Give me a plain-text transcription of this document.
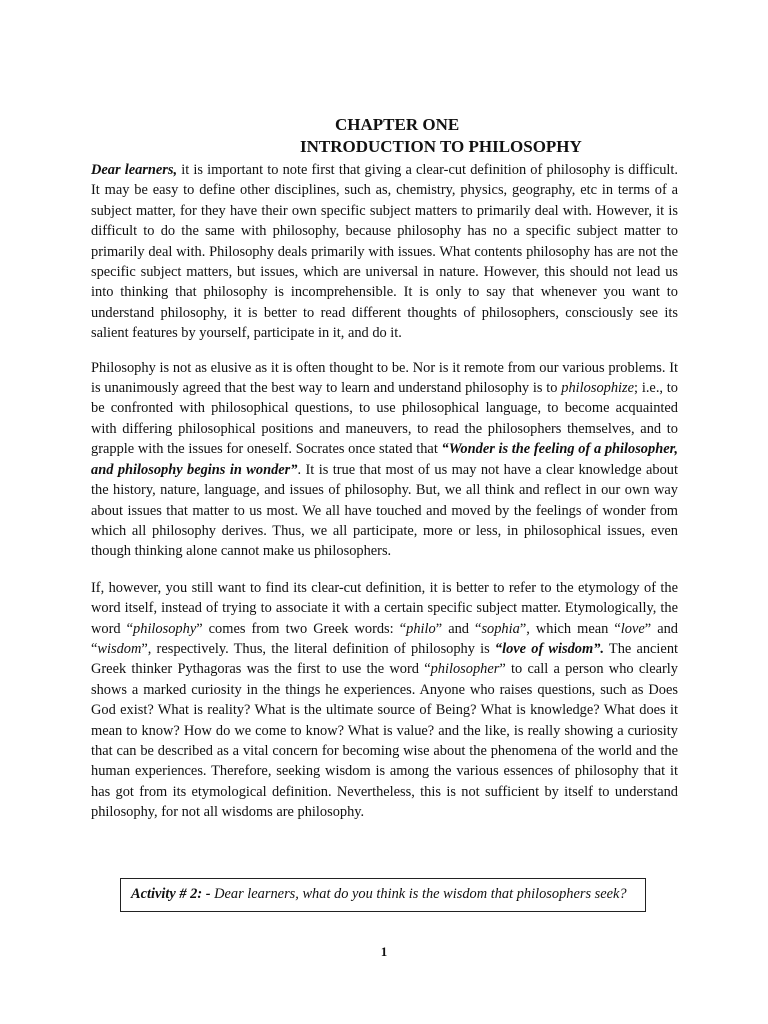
CHAPTER ONE
INTRODUCTION TO PHILOSOPHY

Dear learners, it is important to note first that giving a clear-cut definition of philosophy is difficult. It may be easy to define other disciplines, such as, chemistry, physics, geography, etc in terms of a subject matter, for they have their own specific subject matters to primarily deal with. However, it is difficult to do the same with philosophy, because philosophy has no a specific subject matter to primarily deal with. Philosophy deals primarily with issues. What contents philosophy has are not the specific subject matters, but issues, which are universal in nature. However, this should not lead us into thinking that philosophy is incomprehensible. It is only to say that whenever you want to understand philosophy, it is better to read different thoughts of philosophers, consciously see its salient features by yourself, participate in it, and do it.

Philosophy is not as elusive as it is often thought to be. Nor is it remote from our various problems. It is unanimously agreed that the best way to learn and understand philosophy is to philosophize; i.e., to be confronted with philosophical questions, to use philosophical language, to become acquainted with differing philosophical positions and maneuvers, to read the philosophers themselves, and to grapple with the issues for oneself. Socrates once stated that “Wonder is the feeling of a philosopher, and philosophy begins in wonder”. It is true that most of us may not have a clear knowledge about the history, nature, language, and issues of philosophy. But, we all think and reflect in our own way about issues that matter to us most. We all have touched and moved by the feelings of wonder from which all philosophy derives. Thus, we all participate, more or less, in philosophical issues, even though thinking alone cannot make us philosophers.

If, however, you still want to find its clear-cut definition, it is better to refer to the etymology of the word itself, instead of trying to associate it with a certain specific subject matter. Etymologically, the word “philosophy” comes from two Greek words: “philo” and “sophia”, which mean “love” and “wisdom”, respectively. Thus, the literal definition of philosophy is “love of wisdom”. The ancient Greek thinker Pythagoras was the first to use the word “philosopher” to call a person who clearly shows a marked curiosity in the things he experiences. Anyone who raises questions, such as Does God exist? What is reality? What is the ultimate source of Being? What is knowledge? What does it mean to know? How do we come to know? What is value? and the like, is really showing a curiosity that can be described as a vital concern for becoming wise about the phenomena of the world and the human experiences. Therefore, seeking wisdom is among the various essences of philosophy that it has got from its etymological definition. Nevertheless, this is not sufficient by itself to understand philosophy, for not all wisdoms are philosophy.

Activity # 2: - Dear learners, what do you think is the wisdom that philosophers seek?
1
